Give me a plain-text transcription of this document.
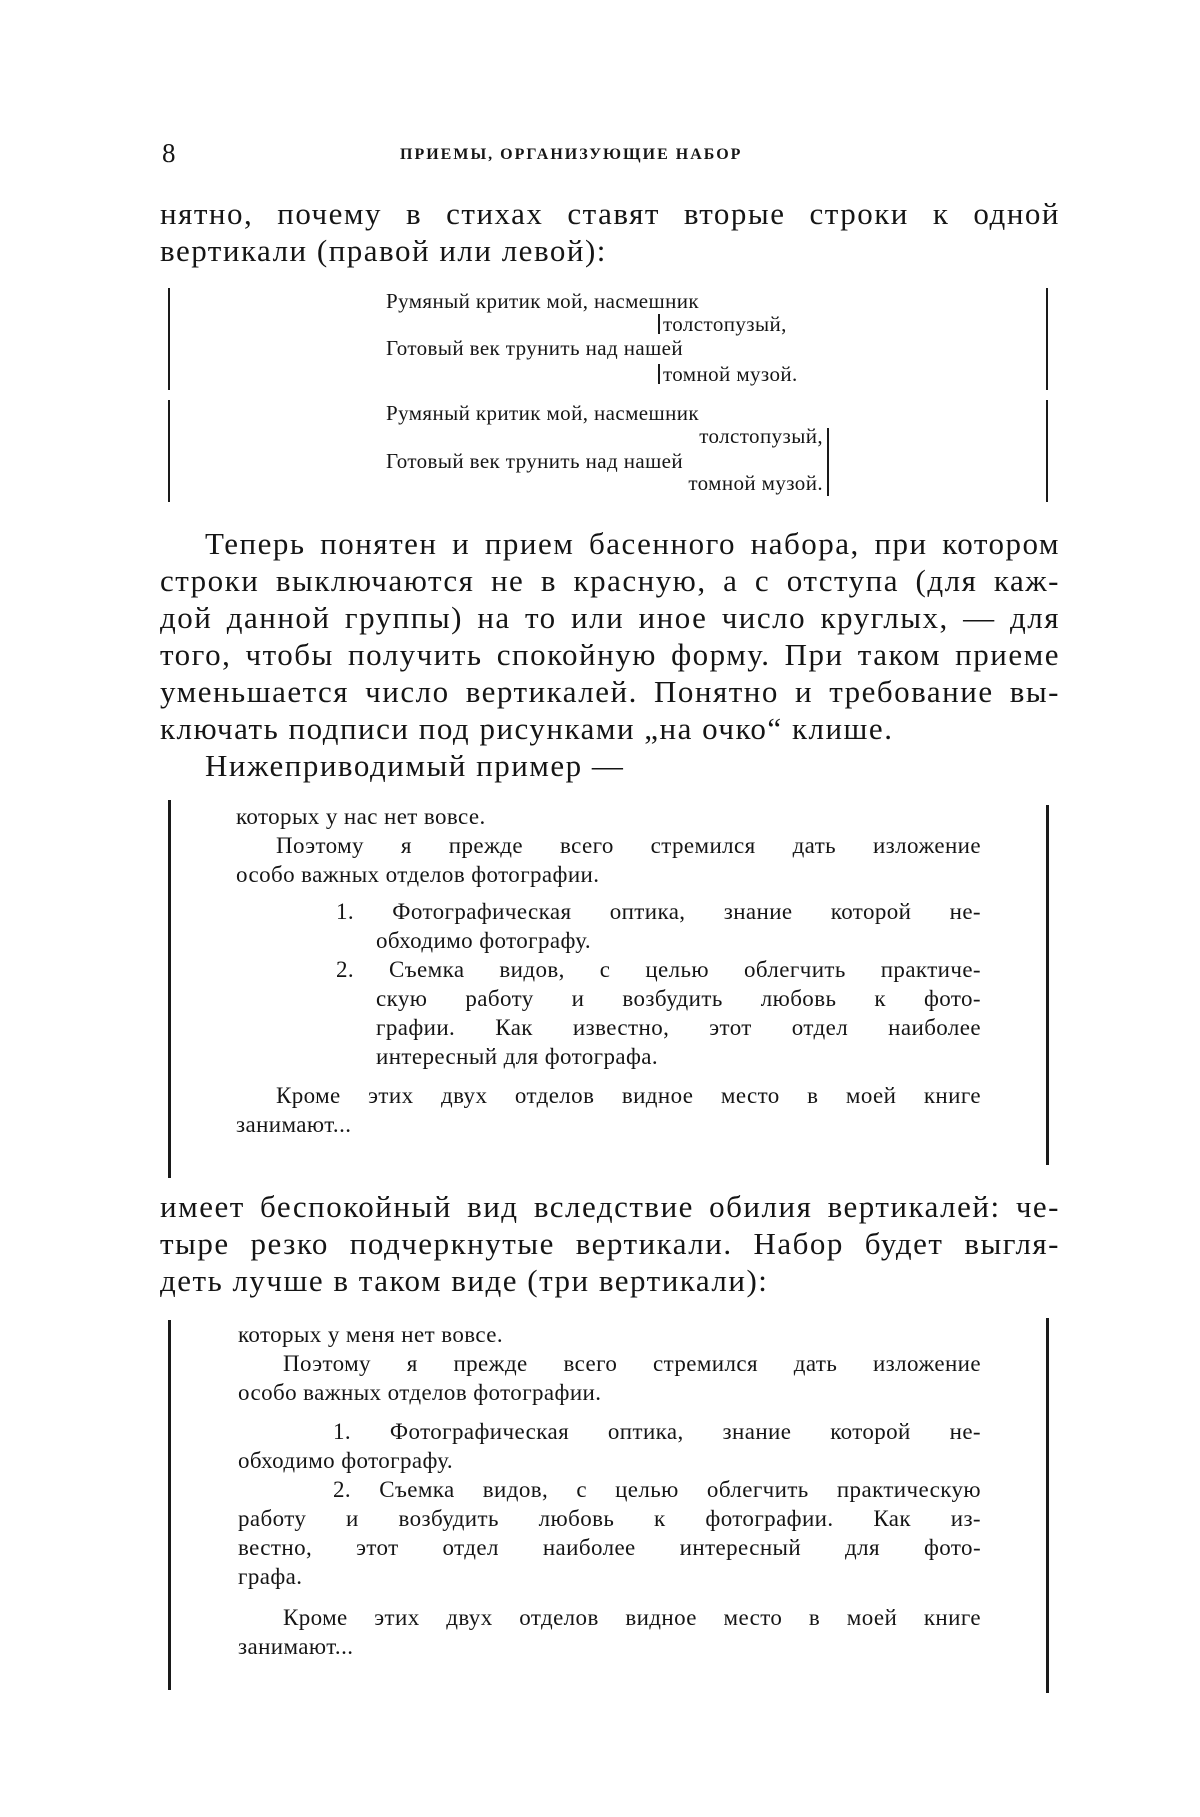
8	ПРИЕМЫ, ОРГАНИЗУЮЩИЕ НАБОР
нятно, почему в стихах ставят вторые строки к одной
вертикали (правой или левой):
Румяный критик мой, насмешник
толстопузый,
Готовый век трунить над нашей
томной музой.
Румяный критик мой, насмешник
толстопузый,
Готовый век трунить над нашей
томной музой.
Теперь понятен и прием басенного набора, при котором
строки выключаются не в красную, а с отступа (для каж-
дой данной группы) на то или иное число круглых, — для
того, чтобы получить спокойную форму. При таком приеме
уменьшается число вертикалей. Понятно и требование вы-
ключать подписи под рисунками „на очко“ клише.
Нижеприводимый пример —
которых у нас нет вовсе.
Поэтому я прежде всего стремился дать изложение
особо важных отделов фотографии.
1. Фотографическая оптика, знание которой не-
обходимо фотографу.
2. Съемка видов, с целью облегчить практиче-
скую работу и возбудить любовь к фото-
графии. Как известно, этот отдел наиболее
интересный для фотографа.
Кроме этих двух отделов видное место в моей книге
занимают...
имеет беспокойный вид вследствие обилия вертикалей: че-
тыре резко подчеркнутые вертикали. Набор будет выгля-
деть лучше в таком виде (три вертикали):
которых у меня нет вовсе.
Поэтому я прежде всего стремился дать изложение
особо важных отделов фотографии.
1. Фотографическая оптика, знание которой не-
обходимо фотографу.
2. Съемка видов, с целью облегчить практическую
работу и возбудить любовь к фотографии. Как из-
вестно, этот отдел наиболее интересный для фото-
графа.
Кроме этих двух отделов видное место в моей книге
занимают...
